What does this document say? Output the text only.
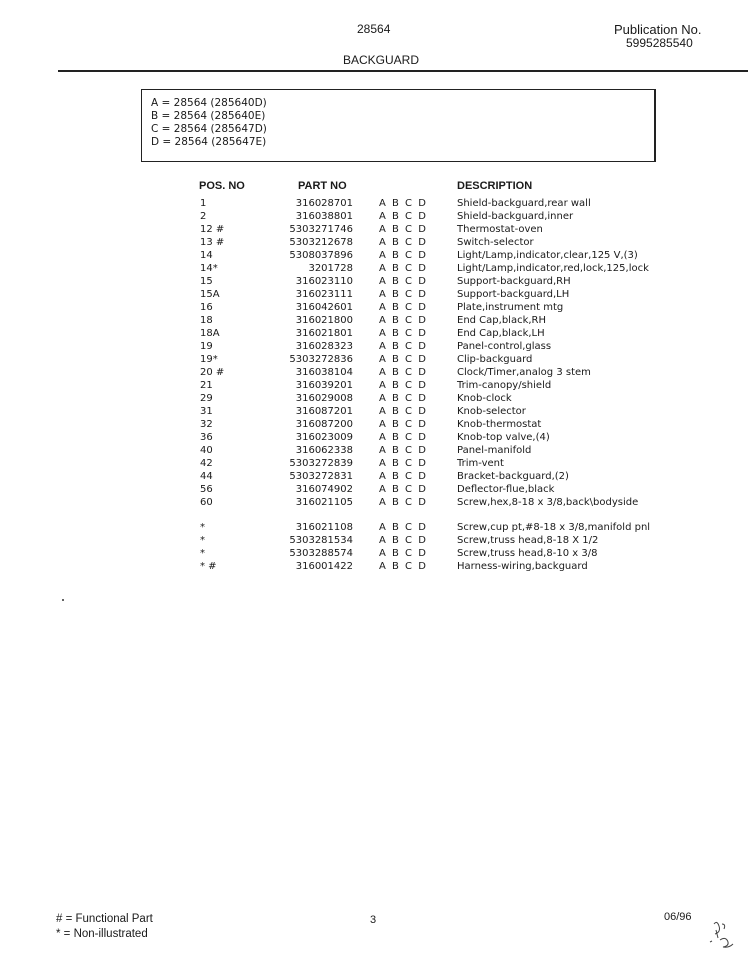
28564	Publication No.
5995285540
BACKGUARD
A = 28564 (285640D)
B = 28564 (285640E)
C = 28564 (285647D)
D = 28564 (285647E)
POS. NO	PART NO	DESCRIPTION
1	316028701	A B C D	Shield-backguard,rear wall
2	316038801	A B C D	Shield-backguard,inner
12 #	5303271746	A B C D	Thermostat-oven
13 #	5303212678	A B C D	Switch-selector
14	5308037896	A B C D	Light/Lamp,indicator,clear,125 V,(3)
14*	3201728	A B C D	Light/Lamp,indicator,red,lock,125,lock
15	316023110	A B C D	Support-backguard,RH
15A	316023111	A B C D	Support-backguard,LH
16	316042601	A B C D	Plate,instrument mtg
18	316021800	A B C D	End Cap,black,RH
18A	316021801	A B C D	End Cap,black,LH
19	316028323	A B C D	Panel-control,glass
19*	5303272836	A B C D	Clip-backguard
20 #	316038104	A B C D	Clock/Timer,analog 3 stem
21	316039201	A B C D	Trim-canopy/shield
29	316029008	A B C D	Knob-clock
31	316087201	A B C D	Knob-selector
32	316087200	A B C D	Knob-thermostat
36	316023009	A B C D	Knob-top valve,(4)
40	316062338	A B C D	Panel-manifold
42	5303272839	A B C D	Trim-vent
44	5303272831	A B C D	Bracket-backguard,(2)
56	316074902	A B C D	Deflector-flue,black
60	316021105	A B C D	Screw,hex,8-18 x 3/8,back\bodyside
*	316021108	A B C D	Screw,cup pt,#8-18 x 3/8,manifold pnl
*	5303281534	A B C D	Screw,truss head,8-18 X 1/2
*	5303288574	A B C D	Screw,truss head,8-10 x 3/8
* #	316001422	A B C D	Harness-wiring,backguard
# = Functional Part
* = Non-illustrated
3	06/96
